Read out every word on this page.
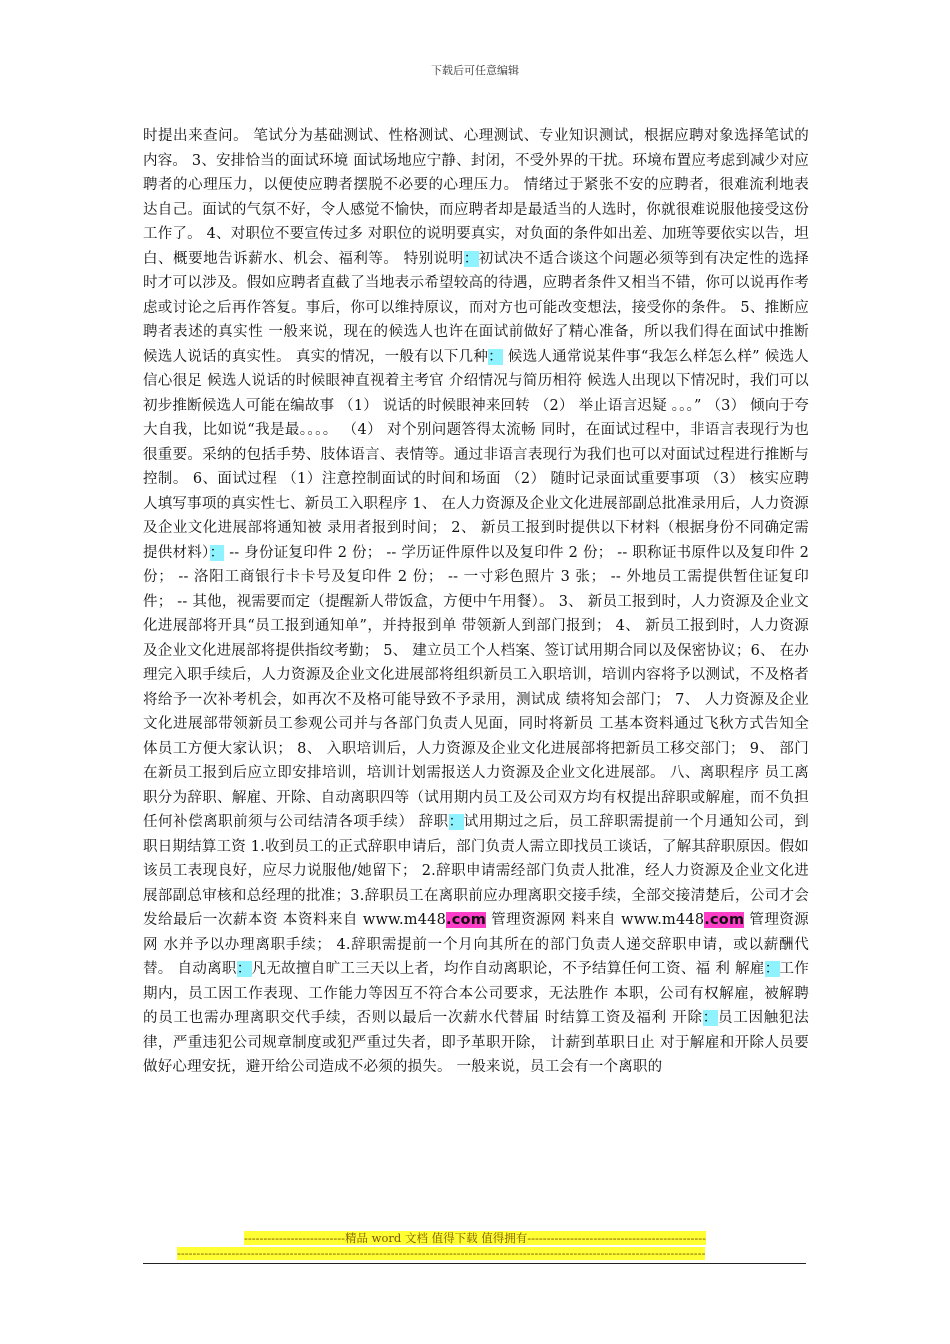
下载后可任意编辑
时提出来查问。 笔试分为基础测试、性格测试、心理测试、专业知识测试，根据应聘对象选择笔试的内容。 3、安排恰当的面试环境 面试场地应宁静、封闭，不受外界的干扰。环境布置应考虑到减少对应聘者的心理压力，以便使应聘者摆脱不必要的心理压力。 情绪过于紧张不安的应聘者，很难流利地表达自己。面试的气氛不好，令人感觉不愉快，而应聘者却是最适当的人选时，你就很难说服他接受这份工作了。 4、对职位不要宣传过多 对职位的说明要真实，对负面的条件如出差、加班等要依实以告，坦白、概要地告诉薪水、机会、福利等。 特别说明：初试决不适合谈这个问题必须等到有决定性的选择时才可以涉及。假如应聘者直截了当地表示希望较高的待遇，应聘者条件又相当不错，你可以说再作考虑或讨论之后再作答复。事后，你可以维持原议，而对方也可能改变想法，接受你的条件。 5、推断应聘者表述的真实性 一般来说，现在的候选人也许在面试前做好了精心准备，所以我们得在面试中推断候选人说话的真实性。 真实的情况，一般有以下几种： 候选人通常说某件事“我怎么样怎么样” 候选人信心很足 候选人说话的时候眼神直视着主考官 介绍情况与简历相符 候选人出现以下情况时，我们可以初步推断候选人可能在编故事 （1） 说话的时候眼神来回转 （2） 举止语言迟疑 。。。” （3） 倾向于夸大自我，比如说“我是最。。。。 （4） 对个别问题答得太流畅 同时，在面试过程中，非语言表现行为也很重要。采纳的包括手势、肢体语言、表情等。通过非语言表现行为我们也可以对面试过程进行推断与控制。 6、面试过程 （1）注意控制面试的时间和场面 （2） 随时记录面试重要事项 （3） 核实应聘人填写事项的真实性七、新员工入职程序 1、 在人力资源及企业文化进展部副总批准录用后，人力资源及企业文化进展部将通知被 录用者报到时间； 2、 新员工报到时提供以下材料（根据身份不同确定需提供材料）： -- 身份证复印件 2 份； -- 学历证件原件以及复印件 2 份； -- 职称证书原件以及复印件 2 份； -- 洛阳工商银行卡卡号及复印件 2 份； -- 一寸彩色照片 3 张； -- 外地员工需提供暂住证复印件； -- 其他，视需要而定（提醒新人带饭盒，方便中午用餐）。 3、 新员工报到时，人力资源及企业文化进展部将开具“员工报到通知单”，并持报到单 带领新人到部门报到； 4、 新员工报到时，人力资源及企业文化进展部将提供指纹考勤； 5、 建立员工个人档案、签订试用期合同以及保密协议；6、 在办理完入职手续后，人力资源及企业文化进展部将组织新员工入职培训，培训内容将予以测试，不及格者将给予一次补考机会，如再次不及格可能导致不予录用，测试成 绩将知会部门； 7、 人力资源及企业文化进展部带领新员工参观公司并与各部门负责人见面，同时将新员 工基本资料通过飞秋方式告知全体员工方便大家认识； 8、 入职培训后，人力资源及企业文化进展部将把新员工移交部门； 9、 部门在新员工报到后应立即安排培训，培训计划需报送人力资源及企业文化进展部。 八、离职程序 员工离职分为辞职、解雇、开除、自动离职四等（试用期内员工及公司双方均有权提出辞职或解雇，而不负担任何补偿离职前须与公司结清各项手续） 辞职：试用期过之后，员工辞职需提前一个月通知公司，到职日期结算工资 1.收到员工的正式辞职申请后，部门负责人需立即找员工谈话，了解其辞职原因。假如该员工表现良好，应尽力说服他/她留下； 2.辞职申请需经部门负责人批准，经人力资源及企业文化进展部副总审核和总经理的批准；3.辞职员工在离职前应办理离职交接手续，全部交接清楚后，公司才会发给最后一次薪本资 本资料来自 www.m448.com 管理资源网 料来自 www.m448.com 管理资源网 水并予以办理离职手续； 4.辞职需提前一个月向其所在的部门负责人递交辞职申请，或以薪酬代替。 自动离职：凡无故擅自旷工三天以上者，均作自动离职论，不予结算任何工资、福 利 解雇：工作期内，员工因工作表现、工作能力等因互不符合本公司要求，无法胜作 本职，公司有权解雇，被解聘的员工也需办理离职交代手续，否则以最后一次薪水代替届 时结算工资及福利 开除：员工因触犯法律，严重违犯公司规章制度或犯严重过失者，即予革职开除， 计薪到革职日止 对于解雇和开除人员要做好心理安抚，避开给公司造成不必须的损失。 一般来说，员工会有一个离职的
--------------------------精品 word 文档 值得下载 值得拥有----------------------------------------------
----------------------------------------------------------------------------------------------------------------------------------------
